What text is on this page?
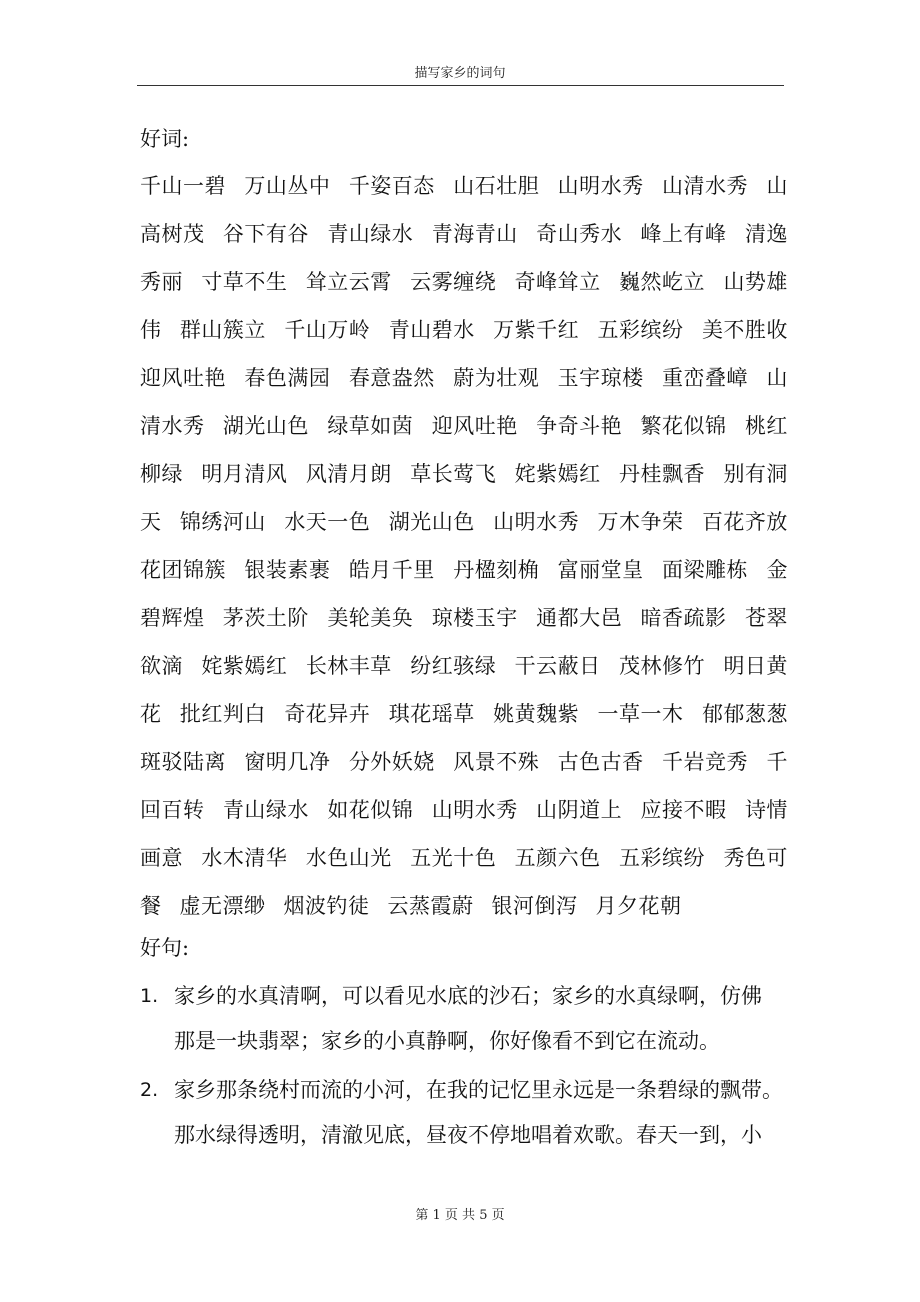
描写家乡的词句
好词:
千山一碧 万山丛中 千姿百态 山石壮胆 山明水秀 山清水秀 山
高树茂 谷下有谷 青山绿水 青海青山 奇山秀水 峰上有峰 清逸
秀丽 寸草不生 耸立云霄 云雾缠绕 奇峰耸立 巍然屹立 山势雄
伟 群山簇立 千山万岭 青山碧水 万紫千红 五彩缤纷 美不胜收
迎风吐艳 春色满园 春意盎然 蔚为壮观 玉宇琼楼 重峦叠嶂 山
清水秀 湖光山色 绿草如茵 迎风吐艳 争奇斗艳 繁花似锦 桃红
柳绿 明月清风 风清月朗 草长莺飞 姹紫嫣红 丹桂飘香 别有洞
天 锦绣河山 水天一色 湖光山色 山明水秀 万木争荣 百花齐放
花团锦簇 银装素裹 皓月千里 丹楹刻桷 富丽堂皇 面梁雕栋 金
碧辉煌 茅茨土阶 美轮美奂 琼楼玉宇 通都大邑 暗香疏影 苍翠
欲滴 姹紫嫣红 长林丰草 纷红骇绿 干云蔽日 茂林修竹 明日黄
花 批红判白 奇花异卉 琪花瑶草 姚黄魏紫 一草一木 郁郁葱葱
斑驳陆离 窗明几净 分外妖娆 风景不殊 古色古香 千岩竞秀 千
回百转 青山绿水 如花似锦 山明水秀 山阴道上 应接不暇 诗情
画意 水木清华 水色山光 五光十色 五颜六色 五彩缤纷 秀色可
餐 虚无漂缈 烟波钓徒 云蒸霞蔚 银河倒泻 月夕花朝
好句:
1. 家乡的水真清啊，可以看见水底的沙石；家乡的水真绿啊，仿佛
那是一块翡翠；家乡的小真静啊，你好像看不到它在流动。
2. 家乡那条绕村而流的小河，在我的记忆里永远是一条碧绿的飘带。
那水绿得透明，清澈见底，昼夜不停地唱着欢歌。春天一到，小
第 1 页 共 5 页
